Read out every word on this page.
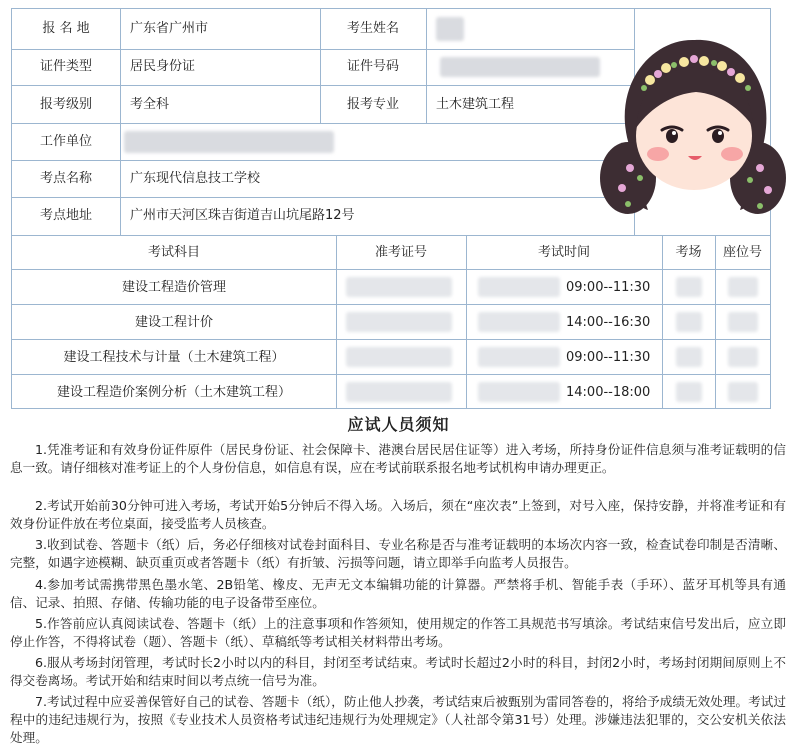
报 名 地	广东省广州市	考生姓名
证件类型	居民身份证	证件号码
报考级别	考全科	报考专业	土木建筑工程
工作单位
考点名称	广东现代信息技工学校
考点地址	广州市天河区珠吉街道吉山坑尾路12号
考试科目	准考证号	考试时间	考场	座位号
建设工程造价管理	09:00--11:30
建设工程计价	14:00--16:30
建设工程技术与计量（土木建筑工程）	09:00--11:30
建设工程造价案例分析（土木建筑工程）	14:00--18:00
应试人员须知
1.凭准考证和有效身份证件原件（居民身份证、社会保障卡、港澳台居民居住证等）进入考场，所持身份证件信息须与准考证载明的信息一致。请仔细核对准考证上的个人身份信息，如信息有误，应在考试前联系报名地考试机构申请办理更正。
2.考试开始前30分钟可进入考场，考试开始5分钟后不得入场。入场后，须在“座次表”上签到，对号入座，保持安静，并将准考证和有效身份证件放在考位桌面，接受监考人员核查。
3.收到试卷、答题卡（纸）后，务必仔细核对试卷封面科目、专业名称是否与准考证载明的本场次内容一致，检查试卷印制是否清晰、完整，如遇字迹模糊、缺页重页或者答题卡（纸）有折皱、污损等问题，请立即举手向监考人员报告。
4.参加考试需携带黑色墨水笔、2B铅笔、橡皮、无声无文本编辑功能的计算器。严禁将手机、智能手表（手环）、蓝牙耳机等具有通信、记录、拍照、存储、传输功能的电子设备带至座位。
5.作答前应认真阅读试卷、答题卡（纸）上的注意事项和作答须知，使用规定的作答工具规范书写填涂。考试结束信号发出后，应立即停止作答，不得将试卷（题）、答题卡（纸）、草稿纸等考试相关材料带出考场。
6.服从考场封闭管理，考试时长2小时以内的科目，封闭至考试结束。考试时长超过2小时的科目，封闭2小时，考场封闭期间原则上不得交卷离场。考试开始和结束时间以考点统一信号为准。
7.考试过程中应妥善保管好自己的试卷、答题卡（纸），防止他人抄袭，考试结束后被甄别为雷同答卷的，将给予成绩无效处理。考试过程中的违纪违规行为，按照《专业技术人员资格考试违纪违规行为处理规定》（人社部令第31号）处理。涉嫌违法犯罪的，交公安机关依法处理。
